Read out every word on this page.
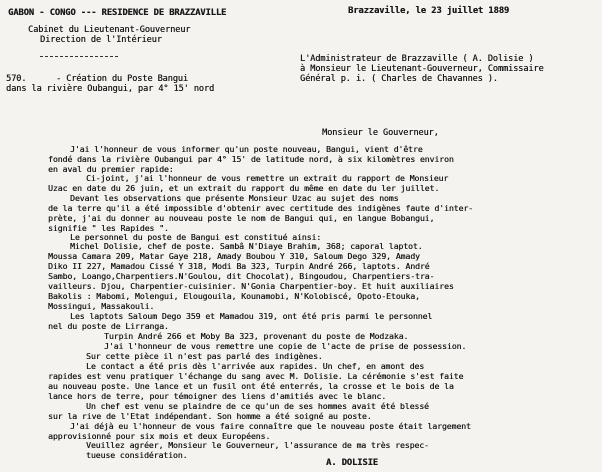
GABON - CONGO --- RESIDENCE DE BRAZZAVILLE	Brazzaville, le 23 juillet 1889
Cabinet du Lieutenant-Gouverneur
Direction de l'Intérieur
L'Administrateur de Brazzaville ( A. Dolisie )
à Monsieur le Lieutenant-Gouverneur, Commissaire
Général p. i. ( Charles de Chavannes ).
570.	- Création du Poste Bangui
dans la rivière Oubangui, par 4° 15' nord
Monsieur le Gouverneur,
J'ai l'honneur de vous informer qu'un poste nouveau, Bangui, vient d'être
fondé dans la rivière Oubangui par 4° 15' de latitude nord, à six kilomètres environ
en aval du premier rapide:
Ci-joint, j'ai l'honneur de vous remettre un extrait du rapport de Monsieur
Uzac en date du 26 juin, et un extrait du rapport du même en date du ler juillet.
Devant les observations que présente Monsieur Uzac au sujet des noms
de la terre qu'il a été impossible d'obtenir avec certitude des indigènes faute d'inter-
prète, j'ai du donner au nouveau poste le nom de Bangui qui, en langue Bobangui,
signifie " les Rapides ".
Le personnel du poste de Bangui est constitué ainsi:
Michel Dolisie, chef de poste. Sambâ N'Diaye Brahim, 368; caporal laptot.
Moussa Camara 209, Matar Gaye 218, Amady Boubou Y 310, Saloum Dego 329, Amady
Diko II 227, Mamadou Cissé Y 318, Modi Ba 323, Turpin André 266, laptots. André
Sambo, Loango,Charpentiers.N'Goulou, dit Chocolat), Bingoudou, Charpentiers-tra-
vailleurs. Djou, Charpentier-cuisinier. N'Gonia Charpentier-boy. Et huit auxiliaires
Bakolis : Mabomi, Molengui, Elougouila, Kounamobi, N'Kolobiscé, Opoto-Etouka,
Mossingui, Massakouli.
Les laptots Saloum Dego 359 et Mamadou 319, ont été pris parmi le personnel
nel du poste de Lirranga.
Turpin André 266 et Moby Ba 323, provenant du poste de Modzaka.
J'ai l'honneur de vous remettre une copie de l'acte de prise de possession.
Sur cette pièce il n'est pas parlé des indigènes.
Le contact a été pris dès l'arrivée aux rapides. Un chef, en amont des
rapides est venu pratiquer l'échange du sang avec M. Dolisie. La cérémonie s'est faite
au nouveau poste. Une lance et un fusil ont été enterrés, la crosse et le bois de la
lance hors de terre, pour témoigner des liens d'amitiés avec le blanc.
Un chef est venu se plaindre de ce qu'un de ses hommes avait été blessé
sur la rive de l'Etat indépendant. Son homme a été soigné au poste.
J'ai déjà eu l'honneur de vous faire connaître que le nouveau poste était largement
approvisionné pour six mois et deux Européens.
Veuillez agréer, Monsieur le Gouverneur, l'assurance de ma très respec-
tueuse considération.
A. DOLISIE
